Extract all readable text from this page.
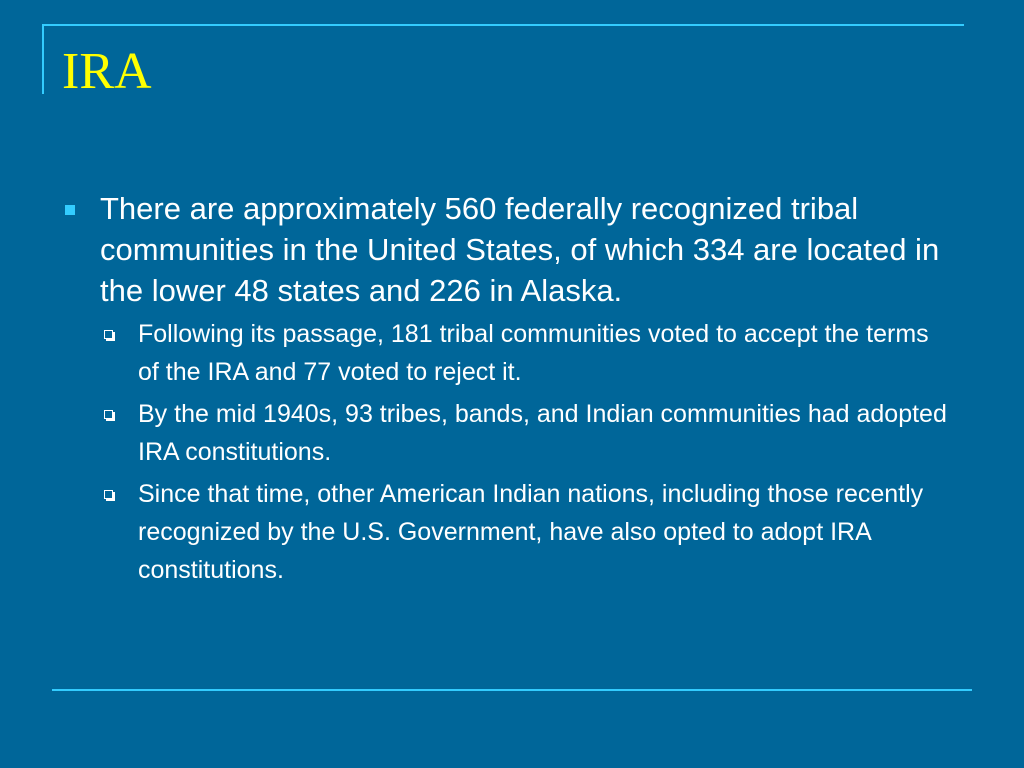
IRA
There are approximately 560 federally recognized tribal communities in the United States, of which 334 are located in the lower 48 states and 226 in Alaska.
Following its passage, 181 tribal communities voted to accept the terms of the IRA and 77 voted to reject it.
By the mid 1940s, 93 tribes, bands, and Indian communities had adopted IRA constitutions.
Since that time, other American Indian nations, including those recently recognized by the U.S. Government, have also opted to adopt IRA constitutions.
